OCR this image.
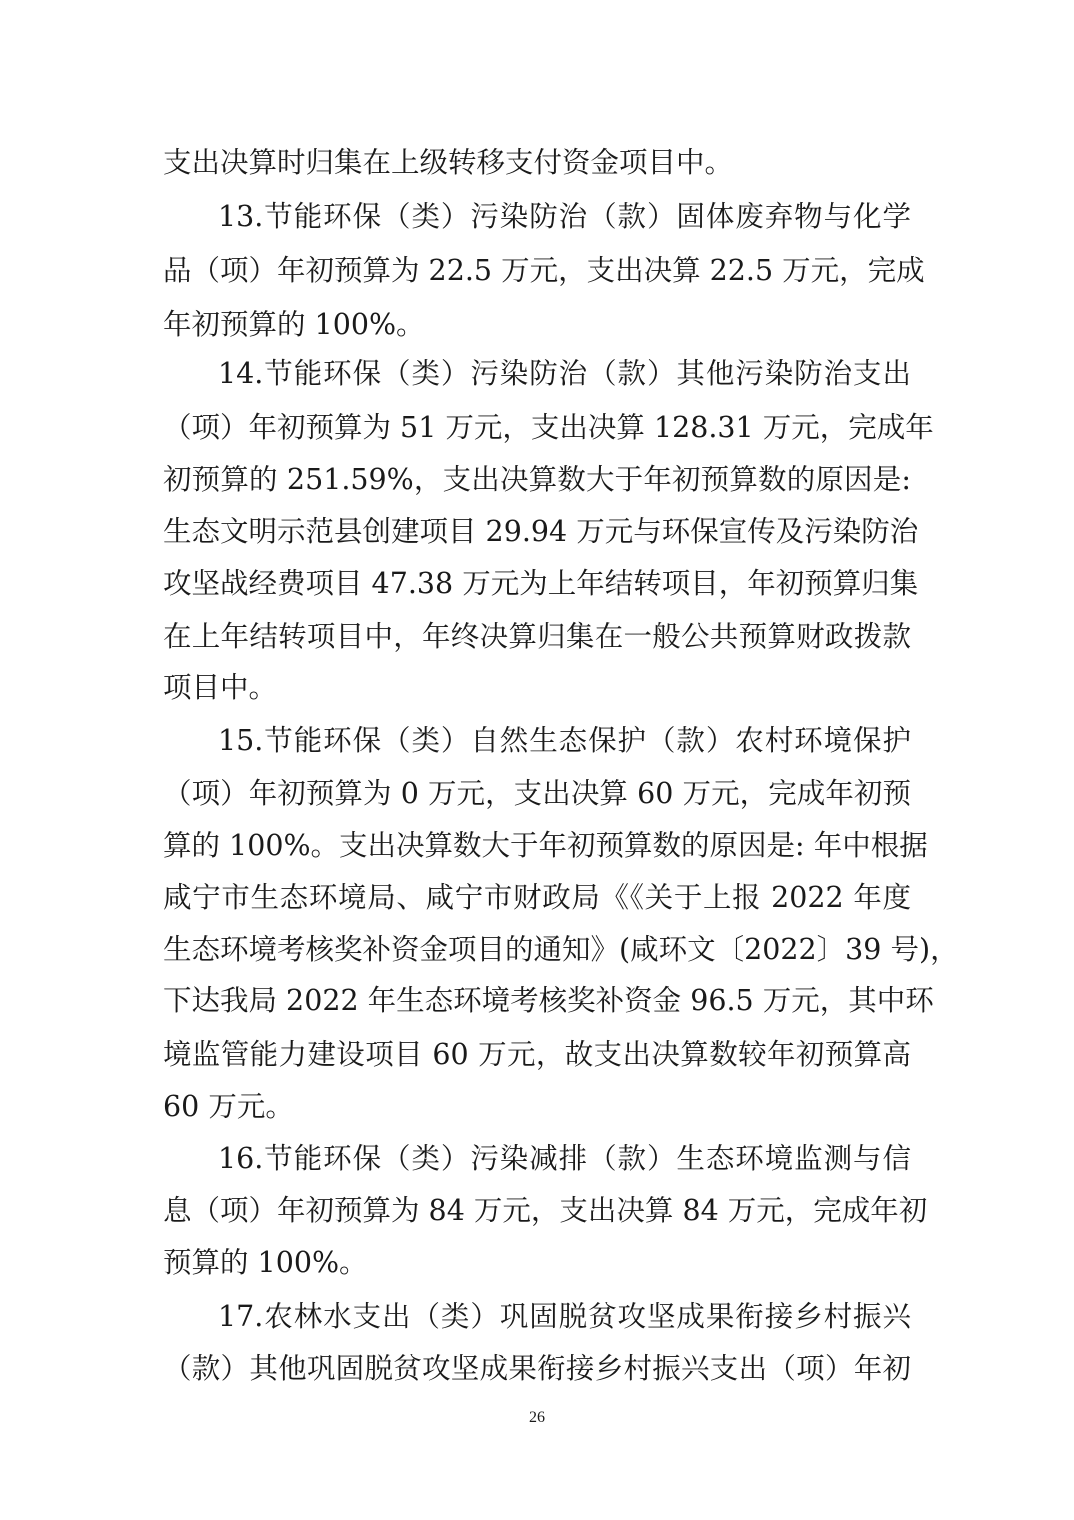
支出决算时归集在上级转移支付资金项目中。
13.节能环保（类）污染防治（款）固体废弃物与化学
品（项）年初预算为 22.5 万元，支出决算 22.5 万元，完成
年初预算的 100%。
14.节能环保（类）污染防治（款）其他污染防治支出
（项）年初预算为 51 万元，支出决算 128.31 万元，完成年
初预算的 251.59%，支出决算数大于年初预算数的原因是:
生态文明示范县创建项目 29.94 万元与环保宣传及污染防治
攻坚战经费项目 47.38 万元为上年结转项目，年初预算归集
在上年结转项目中，年终决算归集在一般公共预算财政拨款
项目中。
15.节能环保（类）自然生态保护（款）农村环境保护
（项）年初预算为 0 万元，支出决算 60 万元，完成年初预
算的 100%。支出决算数大于年初预算数的原因是: 年中根据
咸宁市生态环境局、咸宁市财政局《《关于上报 2022 年度
生态环境考核奖补资金项目的通知》(咸环文〔2022〕39 号)，
下达我局 2022 年生态环境考核奖补资金 96.5 万元，其中环
境监管能力建设项目 60 万元，故支出决算数较年初预算高
60 万元。
16.节能环保（类）污染减排（款）生态环境监测与信
息（项）年初预算为 84 万元，支出决算 84 万元，完成年初
预算的 100%。
17.农林水支出（类）巩固脱贫攻坚成果衔接乡村振兴
（款）其他巩固脱贫攻坚成果衔接乡村振兴支出（项）年初
26
